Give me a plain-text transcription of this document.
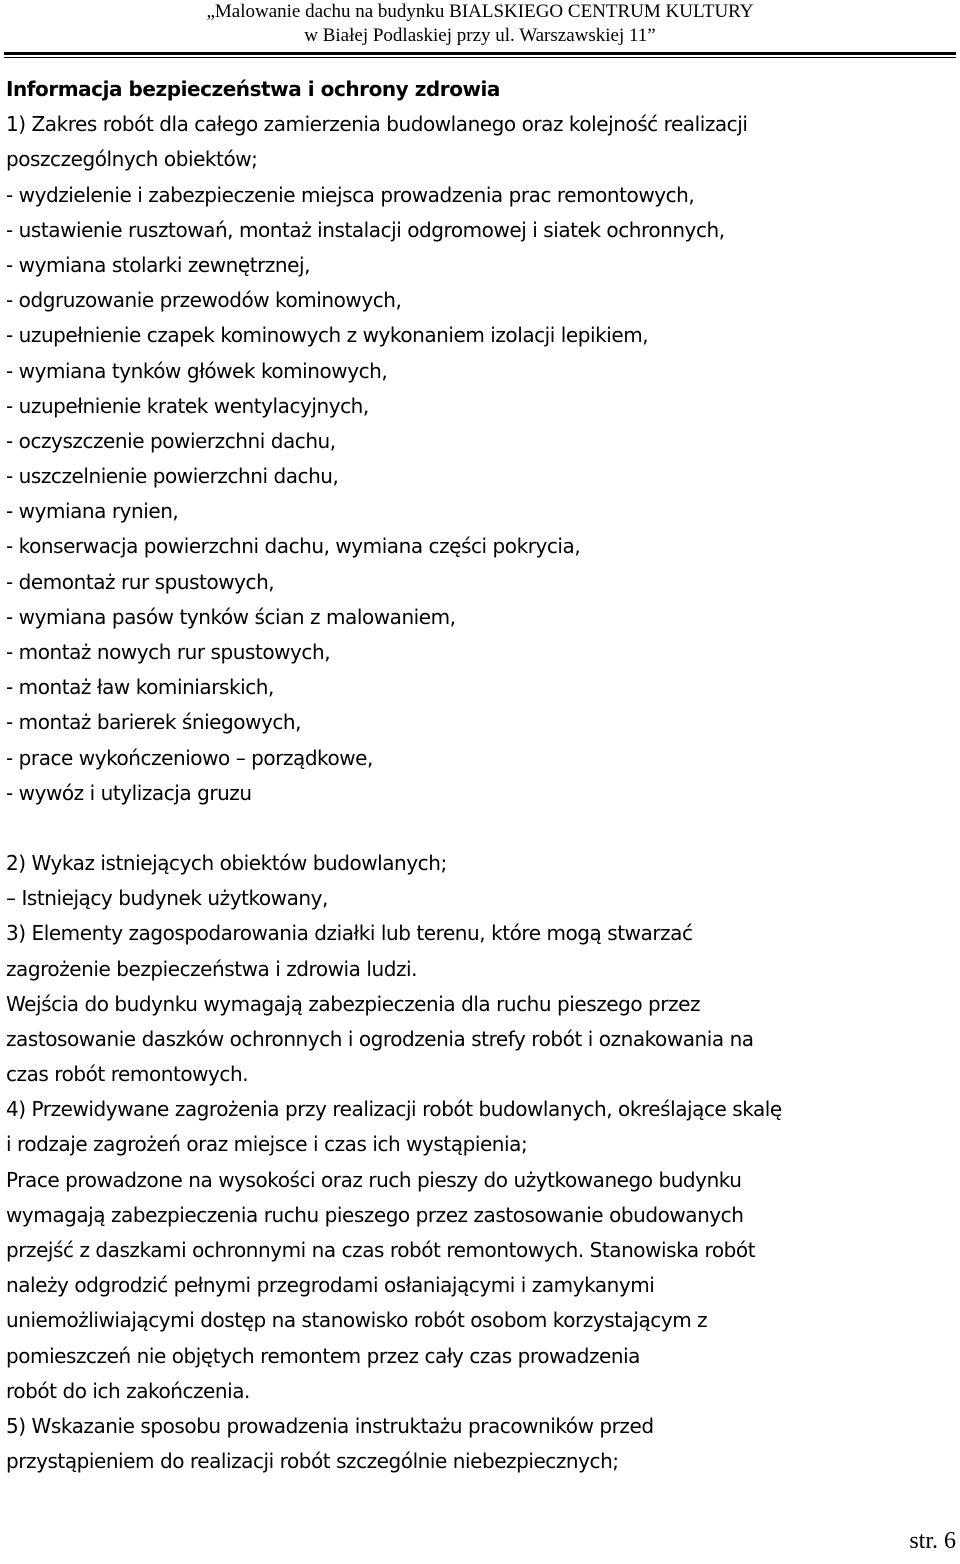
„Malowanie dachu na budynku BIALSKIEGO CENTRUM KULTURY
w Białej Podlaskiej przy ul. Warszawskiej 11”
Informacja bezpieczeństwa i ochrony zdrowia
1) Zakres robót dla całego zamierzenia budowlanego oraz kolejność realizacji
poszczególnych obiektów;
- wydzielenie i zabezpieczenie miejsca prowadzenia prac remontowych,
- ustawienie rusztowań, montaż instalacji odgromowej i siatek ochronnych,
- wymiana stolarki zewnętrznej,
- odgruzowanie przewodów kominowych,
- uzupełnienie czapek kominowych z wykonaniem izolacji lepikiem,
- wymiana tynków główek kominowych,
- uzupełnienie kratek wentylacyjnych,
- oczyszczenie powierzchni dachu,
- uszczelnienie powierzchni dachu,
- wymiana rynien,
- konserwacja powierzchni dachu, wymiana części pokrycia,
- demontaż rur spustowych,
- wymiana pasów tynków ścian z malowaniem,
- montaż nowych rur spustowych,
- montaż ław kominiarskich,
- montaż barierek śniegowych,
- prace wykończeniowo – porządkowe,
- wywóz i utylizacja gruzu
2) Wykaz istniejących obiektów budowlanych;
– Istniejący budynek użytkowany,
3) Elementy zagospodarowania działki lub terenu, które mogą stwarzać
zagrożenie bezpieczeństwa i zdrowia ludzi.
Wejścia do budynku wymagają zabezpieczenia dla ruchu pieszego przez
zastosowanie daszków ochronnych i ogrodzenia strefy robót i oznakowania na
czas robót remontowych.
4) Przewidywane zagrożenia przy realizacji robót budowlanych, określające skalę
i rodzaje zagrożeń oraz miejsce i czas ich wystąpienia;
Prace prowadzone na wysokości oraz ruch pieszy do użytkowanego budynku
wymagają zabezpieczenia ruchu pieszego przez zastosowanie obudowanych
przejść z daszkami ochronnymi na czas robót remontowych. Stanowiska robót
należy odgrodzić pełnymi przegrodami osłaniającymi i zamykanymi
uniemożliwiającymi dostęp na stanowisko robót osobom korzystającym z
pomieszczeń nie objętych remontem przez cały czas prowadzenia
robót do ich zakończenia.
5) Wskazanie sposobu prowadzenia instruktażu pracowników przed
przystąpieniem do realizacji robót szczególnie niebezpiecznych;
str. 6
